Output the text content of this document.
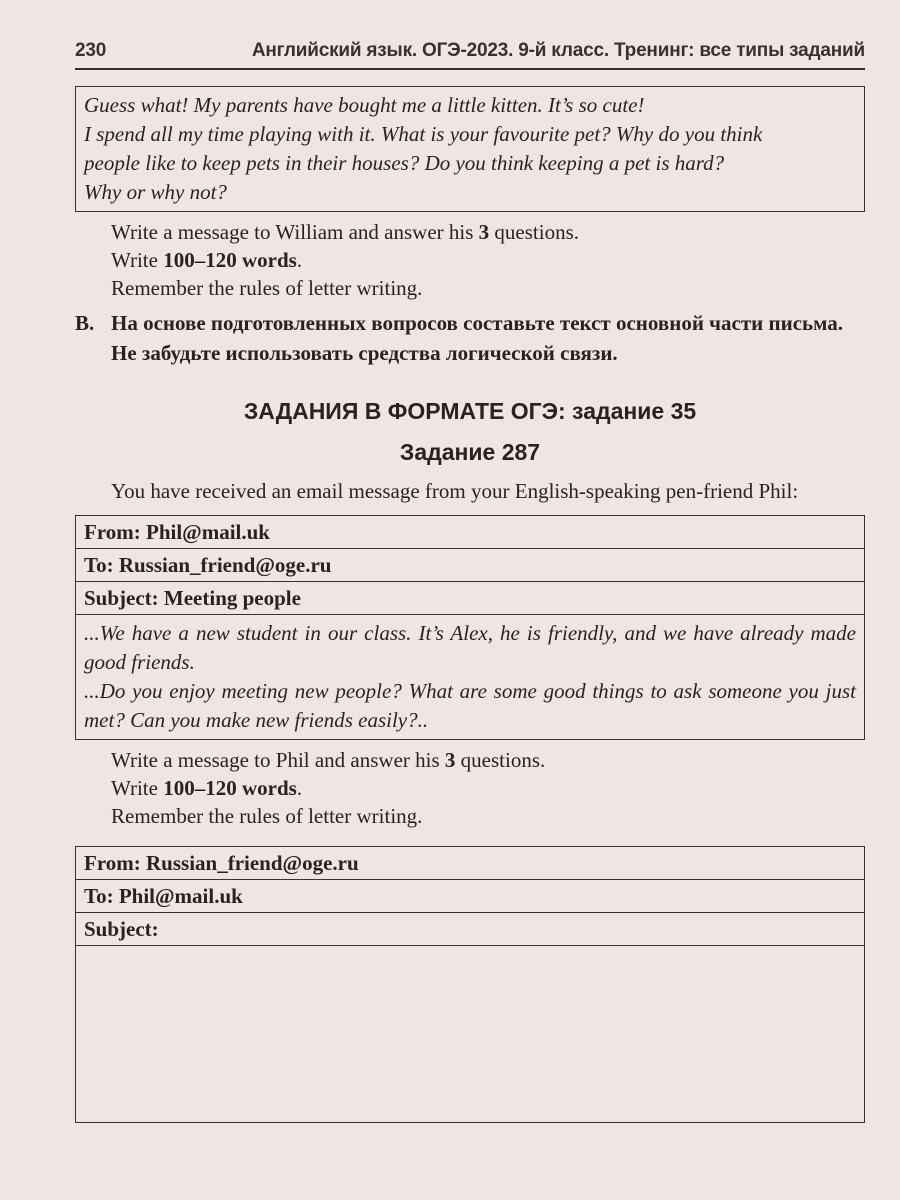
230	Английский язык. ОГЭ-2023. 9-й класс. Тренинг: все типы заданий
Guess what! My parents have bought me a little kitten. It’s so cute!
I spend all my time playing with it. What is your favourite pet? Why do you think
people like to keep pets in their houses? Do you think keeping a pet is hard?
Why or why not?
Write a message to William and answer his 3 questions.
Write 100–120 words.
Remember the rules of letter writing.
B. На основе подготовленных вопросов составьте текст основной части письма. Не забудьте использовать средства логической связи.
ЗАДАНИЯ В ФОРМАТЕ ОГЭ: задание 35
Задание 287
You have received an email message from your English-speaking pen-friend Phil:
From: Phil@mail.uk
To: Russian_friend@oge.ru
Subject: Meeting people
...We have a new student in our class. It’s Alex, he is friendly, and we have already made good friends.
...Do you enjoy meeting new people? What are some good things to ask someone you just met? Can you make new friends easily?..
Write a message to Phil and answer his 3 questions.
Write 100–120 words.
Remember the rules of letter writing.
From: Russian_friend@oge.ru
To: Phil@mail.uk
Subject:
